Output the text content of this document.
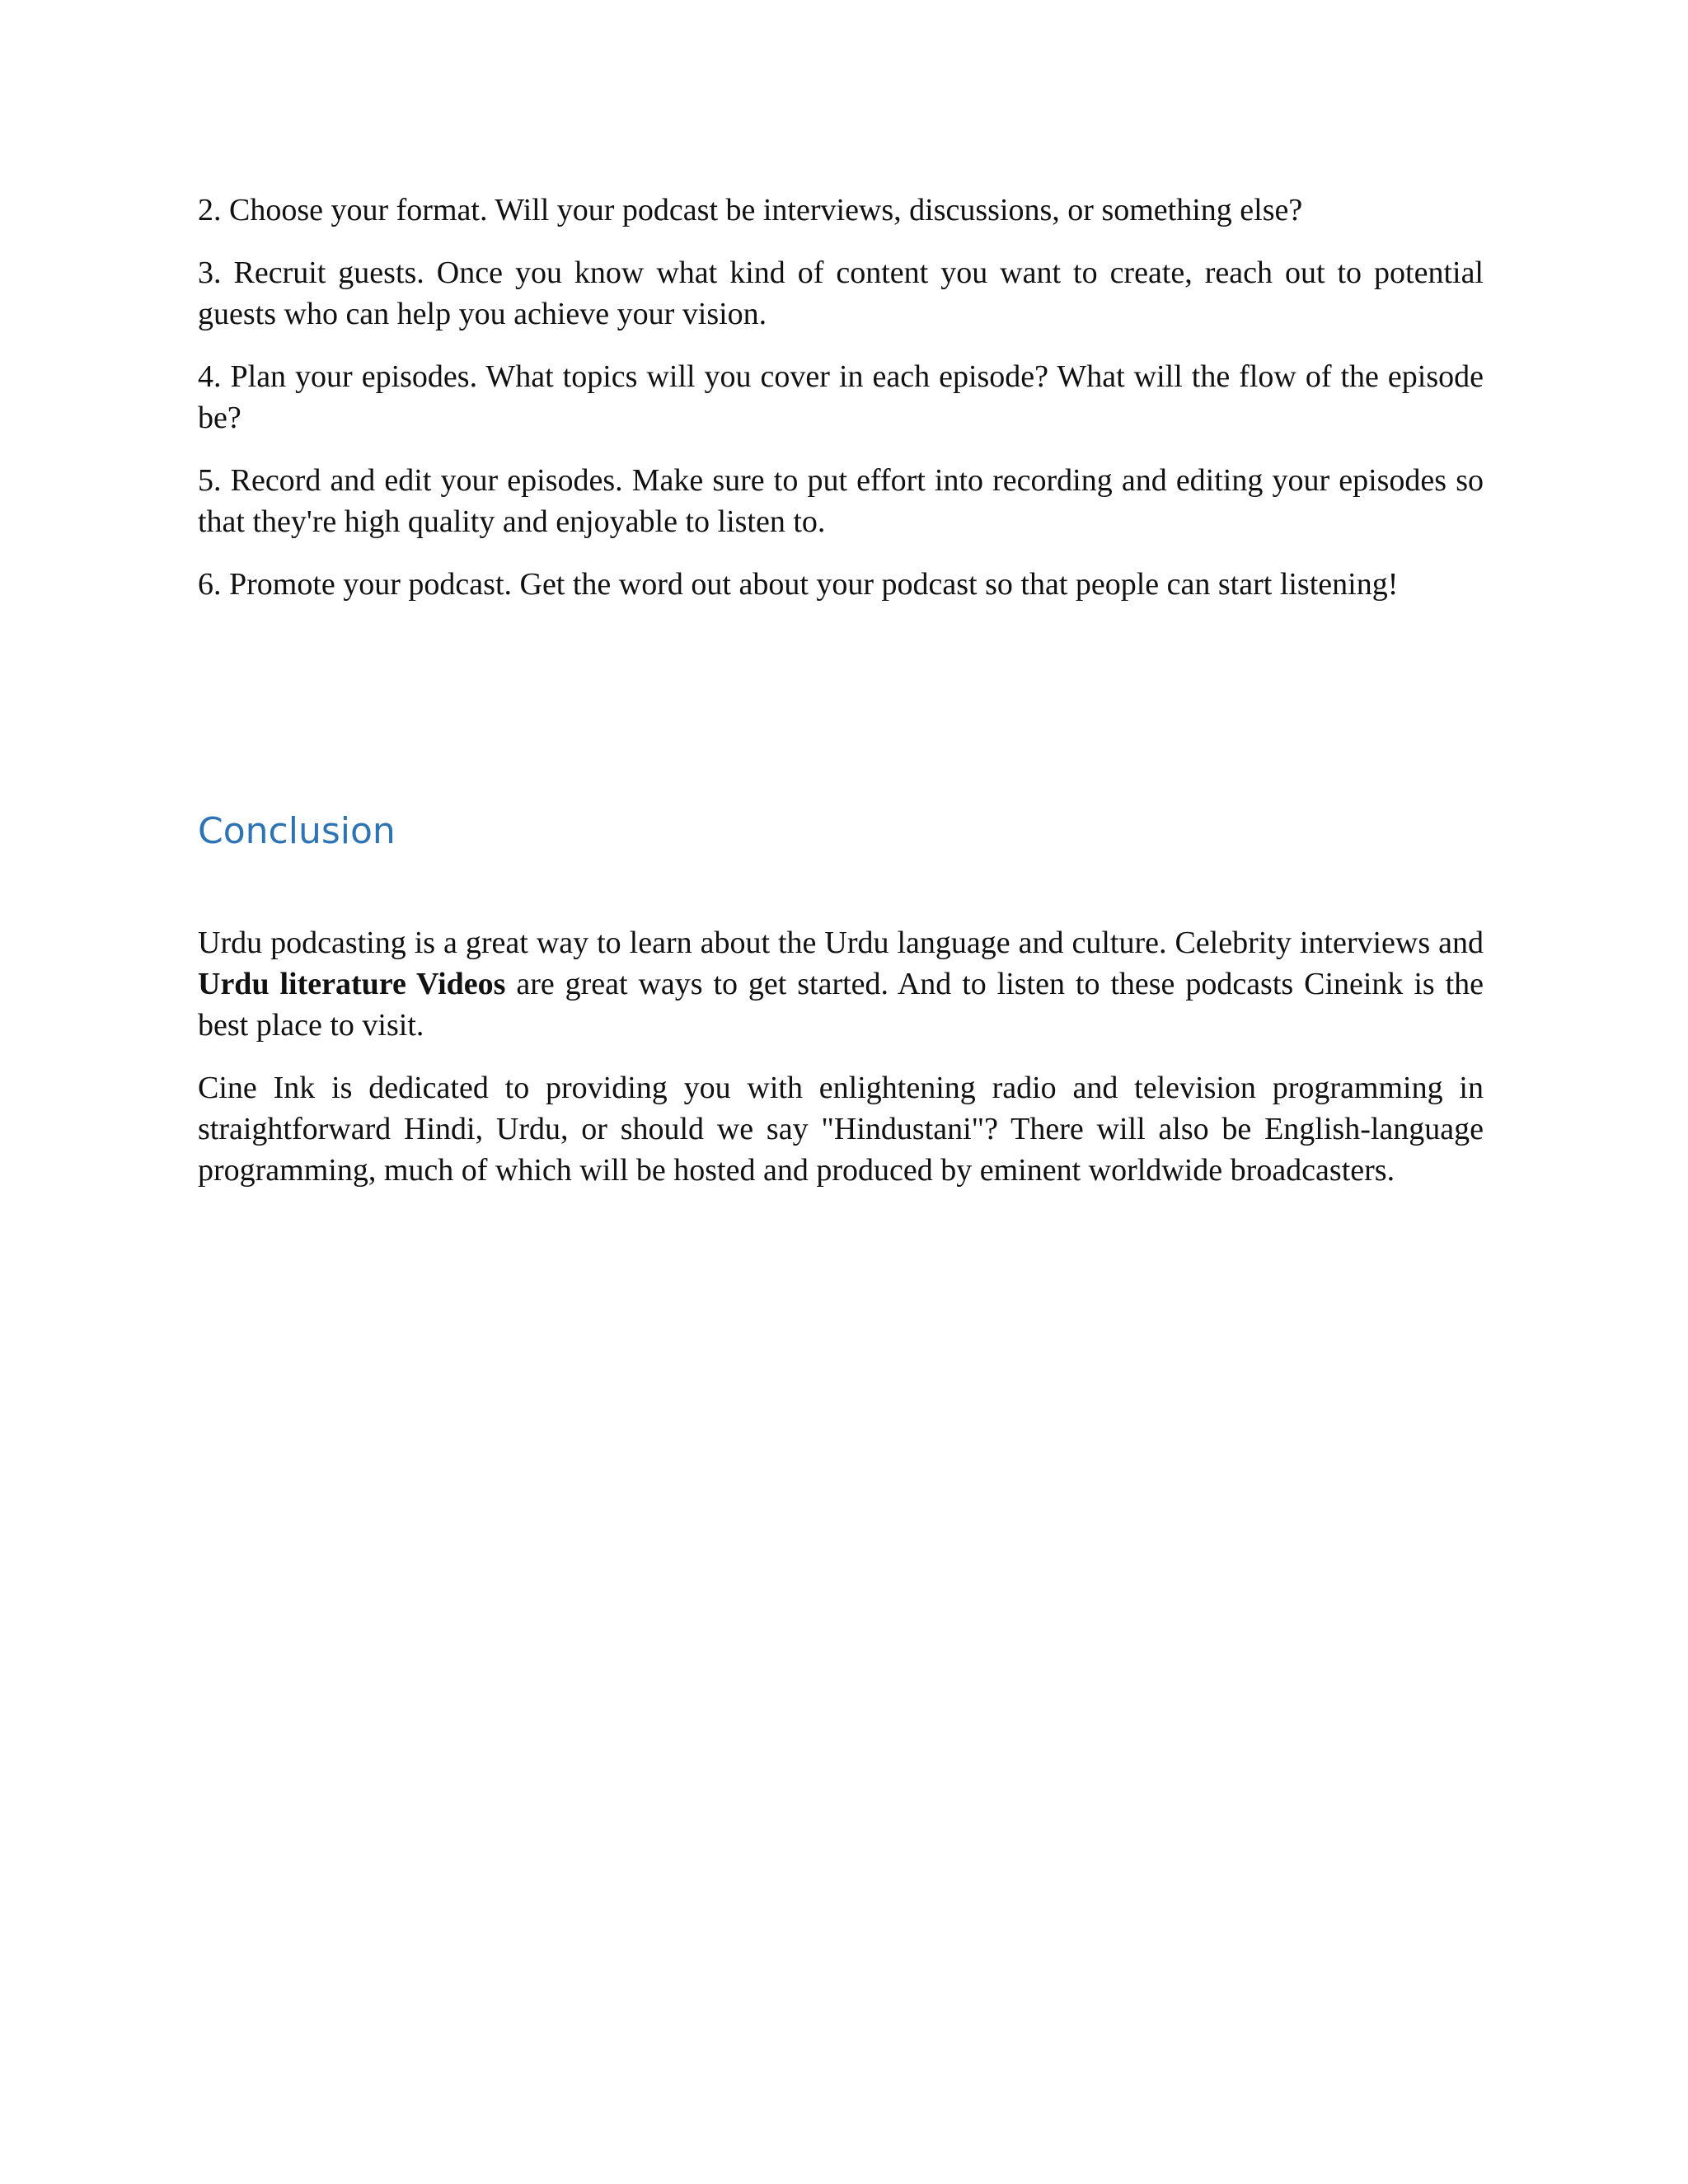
2. Choose your format. Will your podcast be interviews, discussions, or something else?

3. Recruit guests. Once you know what kind of content you want to create, reach out to potential guests who can help you achieve your vision.

4. Plan your episodes. What topics will you cover in each episode? What will the flow of the episode be?

5. Record and edit your episodes. Make sure to put effort into recording and editing your episodes so that they're high quality and enjoyable to listen to.

6. Promote your podcast. Get the word out about your podcast so that people can start listening!

Conclusion

Urdu podcasting is a great way to learn about the Urdu language and culture. Celebrity interviews and Urdu literature Videos are great ways to get started. And to listen to these podcasts Cineink is the best place to visit.

Cine Ink is dedicated to providing you with enlightening radio and television programming in straightforward Hindi, Urdu, or should we say "Hindustani"? There will also be English-language programming, much of which will be hosted and produced by eminent worldwide broadcasters.
